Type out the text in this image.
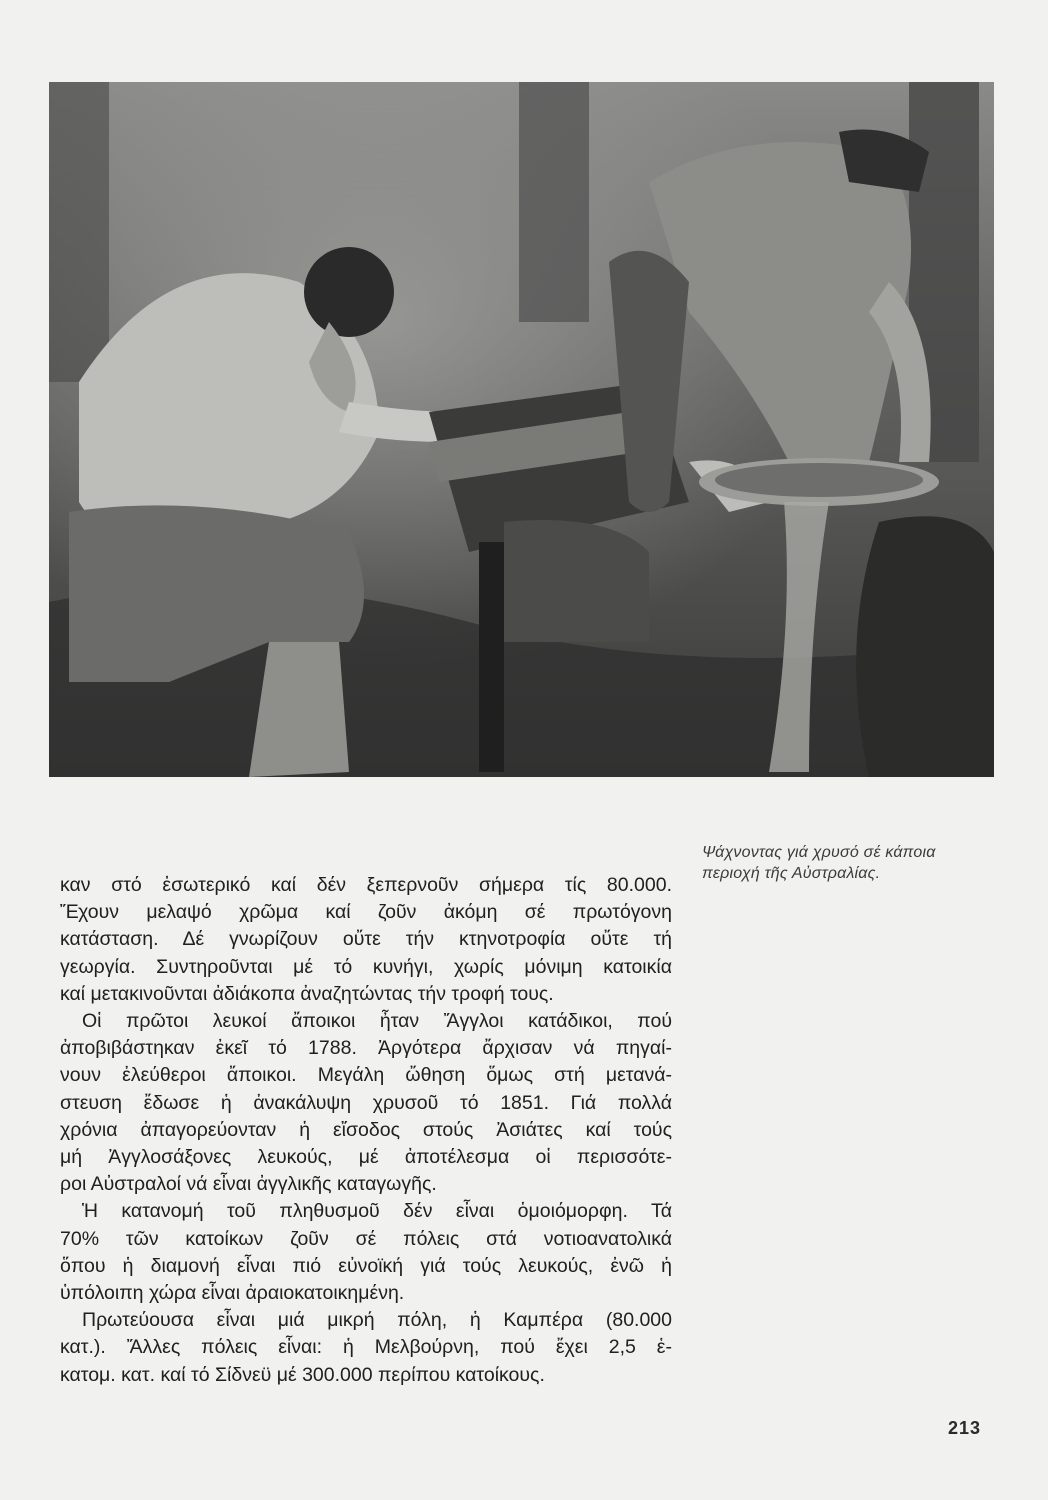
Ψάχνοντας γιά χρυσό σέ κάποια
περιοχή τῆς Αὐστραλίας.
καν στό ἐσωτερικό καί δέν ξεπερνοῦν σήμερα τίς 80.000.
Ἔχουν μελαψό χρῶμα καί ζοῦν ἀκόμη σέ πρωτόγονη
κατάσταση. Δέ γνωρίζουν οὔτε τήν κτηνοτροφία οὔτε τή
γεωργία. Συντηροῦνται μέ τό κυνήγι, χωρίς μόνιμη κατοικία
καί μετακινοῦνται ἀδιάκοπα ἀναζητώντας τήν τροφή τους.
Οἱ πρῶτοι λευκοί ἄποικοι ἦταν Ἄγγλοι κατάδικοι, πού
ἀποβιβάστηκαν ἐκεῖ τό 1788. Ἀργότερα ἄρχισαν νά πηγαί-
νουν ἐλεύθεροι ἄποικοι. Μεγάλη ὤθηση ὅμως στή μετανά-
στευση ἔδωσε ἡ ἀνακάλυψη χρυσοῦ τό 1851. Γιά πολλά
χρόνια ἀπαγορεύονταν ἡ εἴσοδος στούς Ἀσιάτες καί τούς
μή Ἀγγλοσάξονες λευκούς, μέ ἀποτέλεσμα οἱ περισσότε-
ροι Αὐστραλοί νά εἶναι ἀγγλικῆς καταγωγῆς.
Ἡ κατανομή τοῦ πληθυσμοῦ δέν εἶναι ὁμοιόμορφη. Τά
70% τῶν κατοίκων ζοῦν σέ πόλεις στά νοτιοανατολικά
ὅπου ἡ διαμονή εἶναι πιό εὐνοϊκή γιά τούς λευκούς, ἐνῶ ἡ
ὑπόλοιπη χώρα εἶναι ἀραιοκατοικημένη.
Πρωτεύουσα εἶναι μιά μικρή πόλη, ἡ Καμπέρα (80.000
κατ.). Ἄλλες πόλεις εἶναι: ἡ Μελβούρνη, πού ἔχει 2,5 ἑ-
κατομ. κατ. καί τό Σίδνεϋ μέ 300.000 περίπου κατοίκους.
213
